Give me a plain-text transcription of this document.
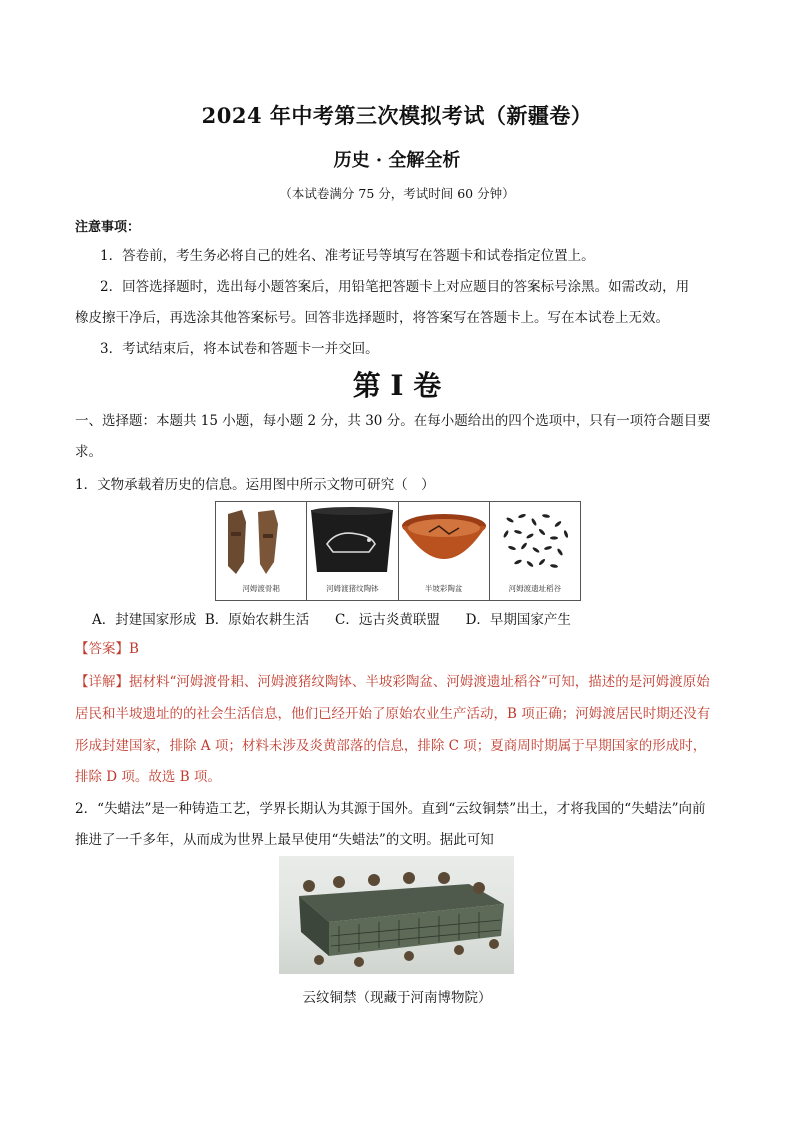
2024 年中考第三次模拟考试（新疆卷）
历史 · 全解全析
（本试卷满分 75 分，考试时间 60 分钟）
注意事项：
1．答卷前，考生务必将自己的姓名、准考证号等填写在答题卡和试卷指定位置上。
2．回答选择题时，选出每小题答案后，用铅笔把答题卡上对应题目的答案标号涂黑。如需改动，用
橡皮擦干净后，再选涂其他答案标号。回答非选择题时，将答案写在答题卡上。写在本试卷上无效。
3．考试结束后，将本试卷和答题卡一并交回。
第 I 卷
一、选择题：本题共 15 小题，每小题 2 分，共 30 分。在每小题给出的四个选项中，只有一项符合题目要
求。
1．文物承载着历史的信息。运用图中所示文物可研究（　）
河姆渡骨耜	河姆渡猪纹陶钵	半坡彩陶盆	河姆渡遗址稻谷
A．封建国家形成  B．原始农耕生活      C．远古炎黄联盟      D．早期国家产生
【答案】B
【详解】据材料“河姆渡骨耜、河姆渡猪纹陶钵、半坡彩陶盆、河姆渡遗址稻谷”可知，描述的是河姆渡原始
居民和半坡遗址的的社会生活信息，他们已经开始了原始农业生产活动，B 项正确；河姆渡居民时期还没有
形成封建国家，排除 A 项；材料未涉及炎黄部落的信息，排除 C 项；夏商周时期属于早期国家的形成时，
排除 D 项。故选 B 项。
2．“失蜡法”是一种铸造工艺，学界长期认为其源于国外。直到“云纹铜禁”出土，才将我国的“失蜡法”向前
推进了一千多年，从而成为世界上最早使用“失蜡法”的文明。据此可知
云纹铜禁（现藏于河南博物院）
